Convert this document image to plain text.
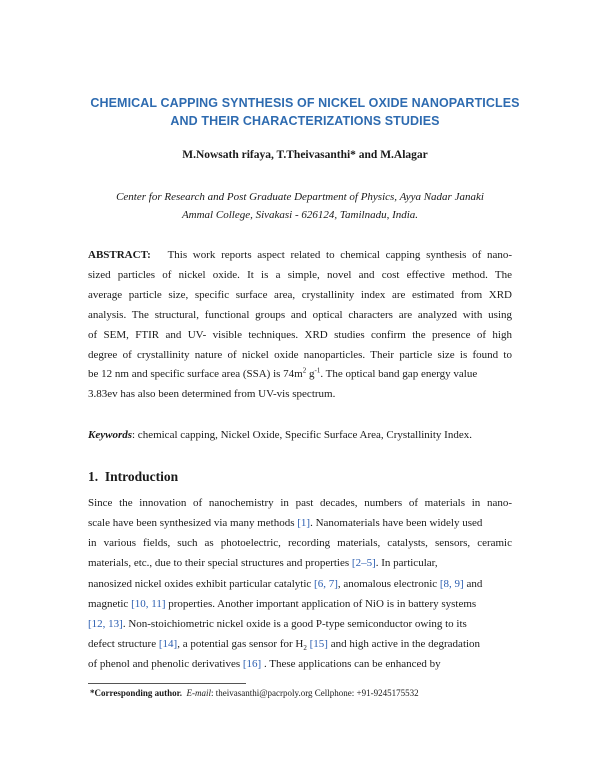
CHEMICAL CAPPING SYNTHESIS OF NICKEL OXIDE NANOPARTICLES
AND THEIR CHARACTERIZATIONS STUDIES
M.Nowsath rifaya, T.Theivasanthi* and M.Alagar
Center for Research and Post Graduate Department of Physics, Ayya Nadar Janaki
Ammal College, Sivakasi - 626124, Tamilnadu, India.
ABSTRACT: This work reports aspect related to chemical capping synthesis of nano-
sized particles of nickel oxide. It is a simple, novel and cost effective method. The
average particle size, specific surface area, crystallinity index are estimated from XRD
analysis. The structural, functional groups and optical characters are analyzed with using
of SEM, FTIR and UV- visible techniques. XRD studies confirm the presence of high
degree of crystallinity nature of nickel oxide nanoparticles. Their particle size is found to
be 12 nm and specific surface area (SSA) is $74m^2$ $g^{-1}$. The optical band gap energy value
3.83ev has also been determined from UV-vis spectrum.
Keywords: chemical capping, Nickel Oxide, Specific Surface Area, Crystallinity Index.
1. Introduction
Since the innovation of nanochemistry in past decades, numbers of materials in nano-
scale have been synthesized via many methods [1]. Nanomaterials have been widely used
in various fields, such as photoelectric, recording materials, catalysts, sensors, ceramic
materials, etc., due to their special structures and properties [2–5]. In particular,
nanosized nickel oxides exhibit particular catalytic [6, 7], anomalous electronic [8, 9] and
magnetic [10, 11] properties. Another important application of NiO is in battery systems
[12, 13]. Non-stoichiometric nickel oxide is a good P-type semiconductor owing to its
defect structure [14], a potential gas sensor for $H_2$ [15] and high active in the degradation
of phenol and phenolic derivatives [16] . These applications can be enhanced by
*Corresponding author. E-mail: theivasanthi@pacrpoly.org Cellphone: +91-9245175532
